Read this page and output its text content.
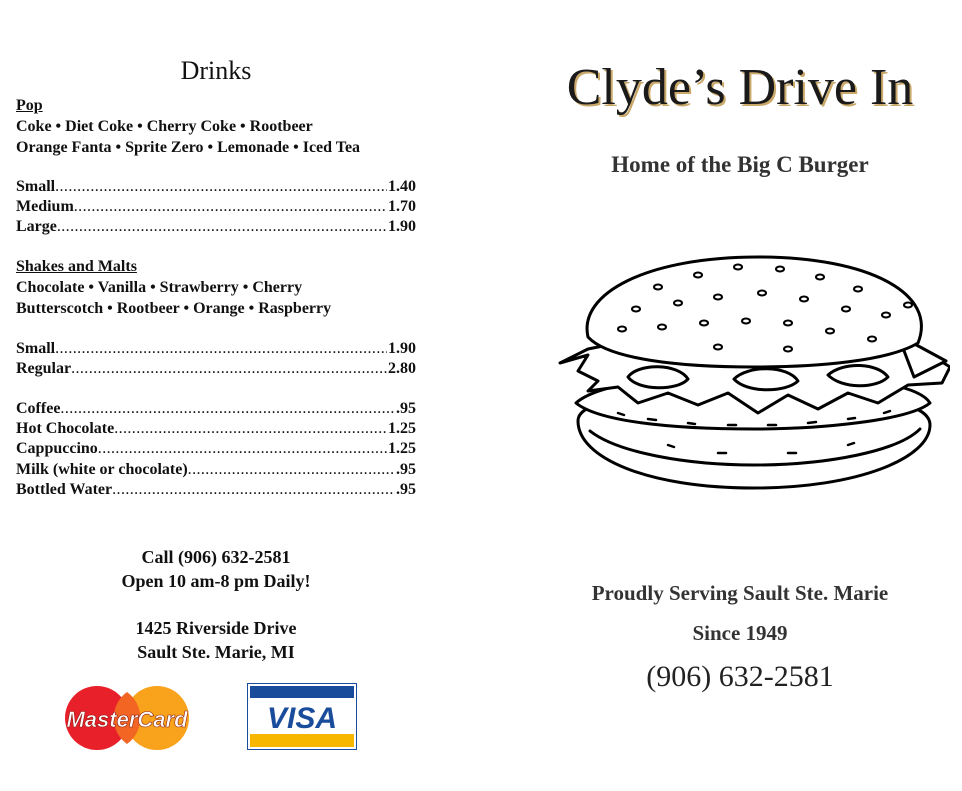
Drinks
Pop
Coke • Diet Coke • Cherry Coke • Rootbeer
Orange Fanta • Sprite Zero • Lemonade • Iced Tea
Small .....	1.40
Medium .....	1.70
Large .....	1.90
Shakes and Malts
Chocolate • Vanilla • Strawberry • Cherry
Butterscotch • Rootbeer • Orange • Raspberry
Small .....	1.90
Regular .....	2.80
Coffee .....	.95
Hot Chocolate .....	1.25
Cappuccino .....	1.25
Milk (white or chocolate) .....	.95
Bottled Water .....	.95
Call (906) 632-2581
Open 10 am-8 pm Daily!
1425 Riverside Drive
Sault Ste. Marie, MI
MasterCard	VISA
Clyde’s Drive In
Home of the Big C Burger
Proudly Serving Sault Ste. Marie
Since 1949
(906) 632-2581
